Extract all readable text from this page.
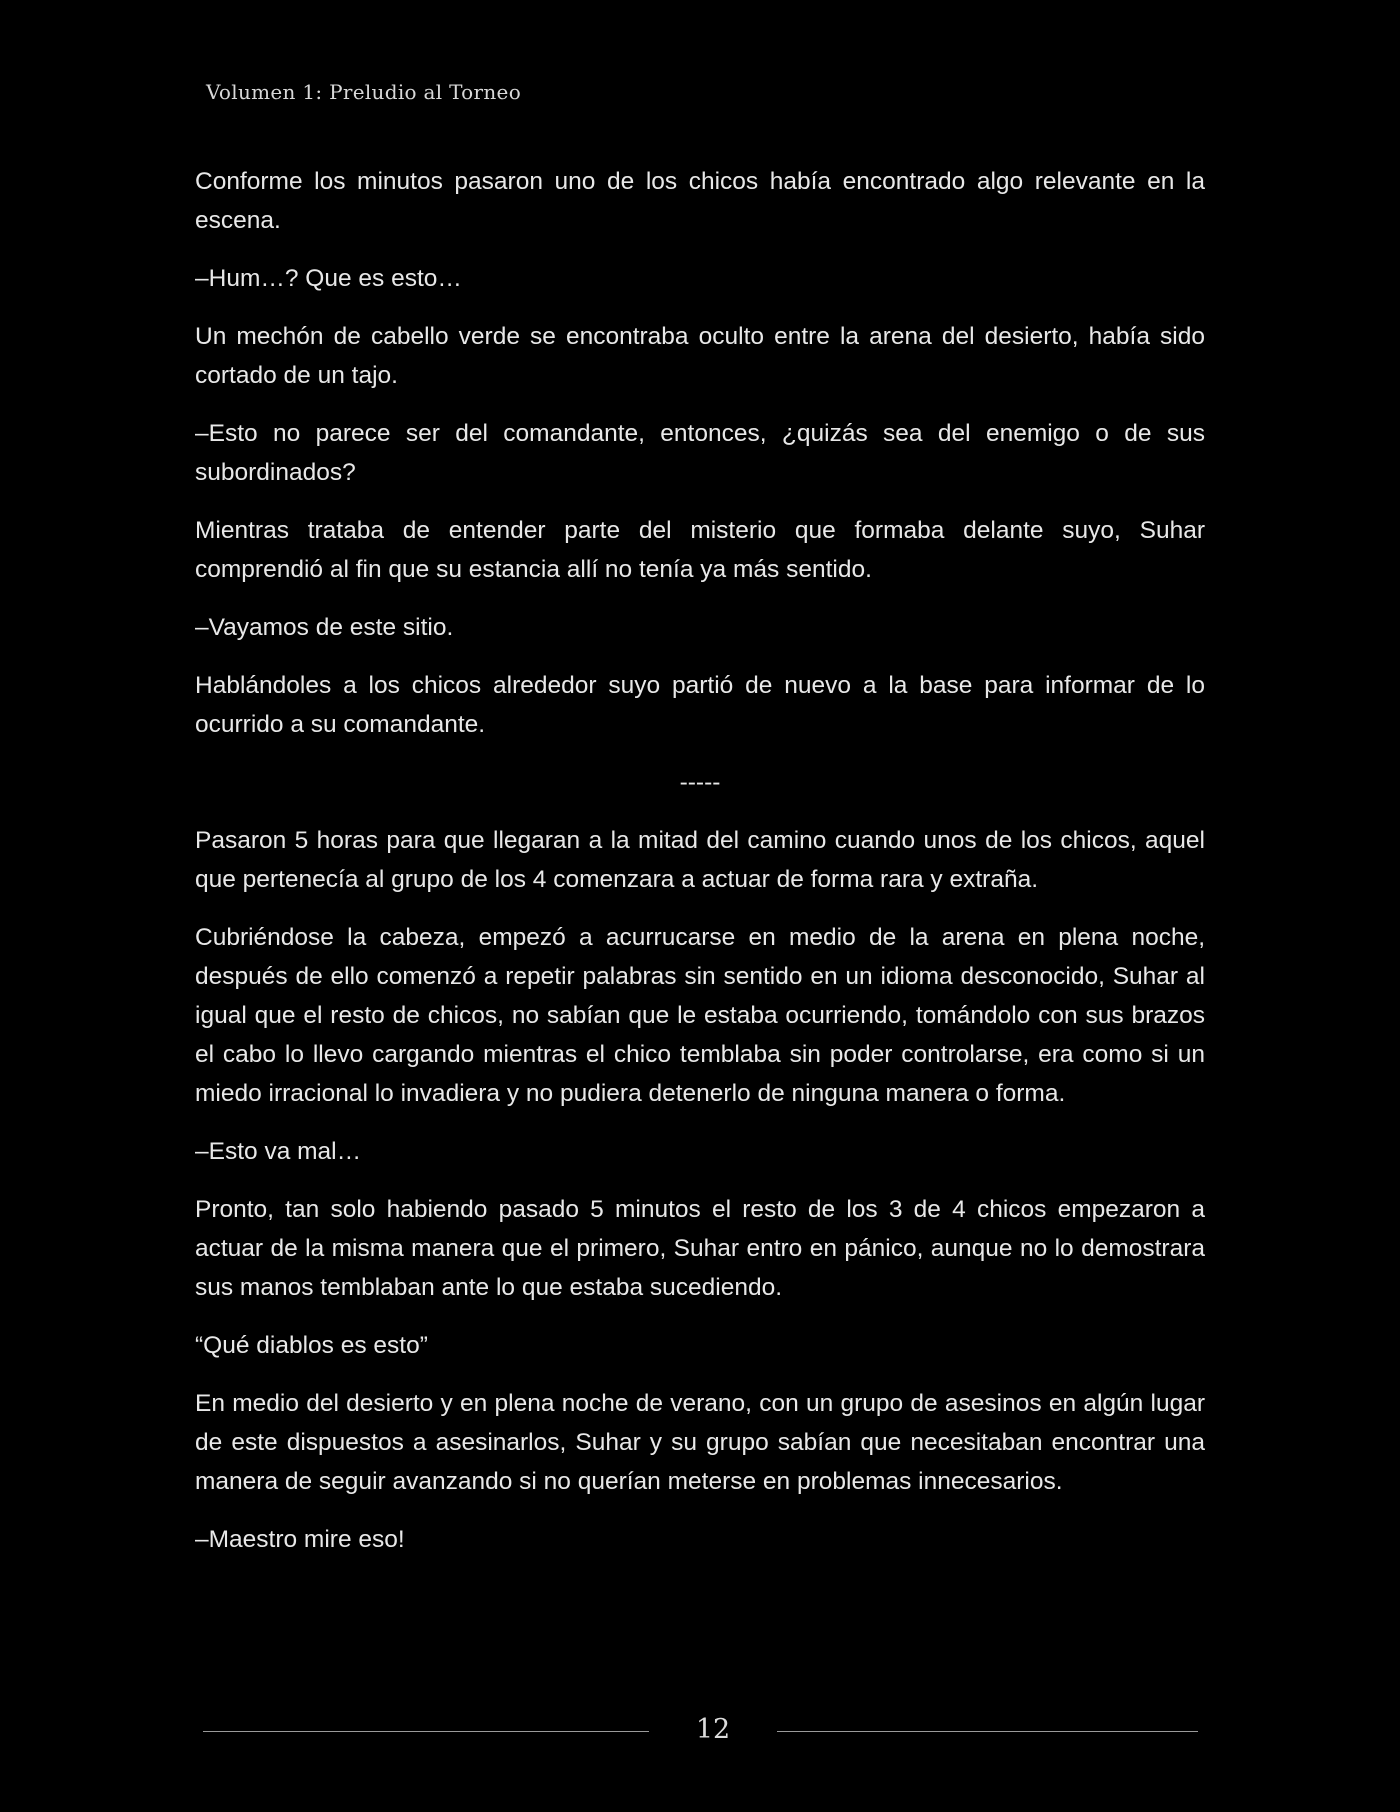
Volumen 1: Preludio al Torneo

Conforme los minutos pasaron uno de los chicos había encontrado algo relevante en la escena.

–Hum…? Que es esto…

Un mechón de cabello verde se encontraba oculto entre la arena del desierto, había sido cortado de un tajo.

–Esto no parece ser del comandante, entonces, ¿quizás sea del enemigo o de sus subordinados?

Mientras trataba de entender parte del misterio que formaba delante suyo, Suhar comprendió al fin que su estancia allí no tenía ya más sentido.

–Vayamos de este sitio.

Hablándoles a los chicos alrededor suyo partió de nuevo a la base para informar de lo ocurrido a su comandante.

-----

Pasaron 5 horas para que llegaran a la mitad del camino cuando unos de los chicos, aquel que pertenecía al grupo de los 4 comenzara a actuar de forma rara y extraña.

Cubriéndose la cabeza, empezó a acurrucarse en medio de la arena en plena noche, después de ello comenzó a repetir palabras sin sentido en un idioma desconocido, Suhar al igual que el resto de chicos, no sabían que le estaba ocurriendo, tomándolo con sus brazos el cabo lo llevo cargando mientras el chico temblaba sin poder controlarse, era como si un miedo irracional lo invadiera y no pudiera detenerlo de ninguna manera o forma.

–Esto va mal…

Pronto, tan solo habiendo pasado 5 minutos el resto de los 3 de 4 chicos empezaron a actuar de la misma manera que el primero, Suhar entro en pánico, aunque no lo demostrara sus manos temblaban ante lo que estaba sucediendo.

“Qué diablos es esto”

En medio del desierto y en plena noche de verano, con un grupo de asesinos en algún lugar de este dispuestos a asesinarlos, Suhar y su grupo sabían que necesitaban encontrar una manera de seguir avanzando si no querían meterse en problemas innecesarios.

–Maestro mire eso!

12
